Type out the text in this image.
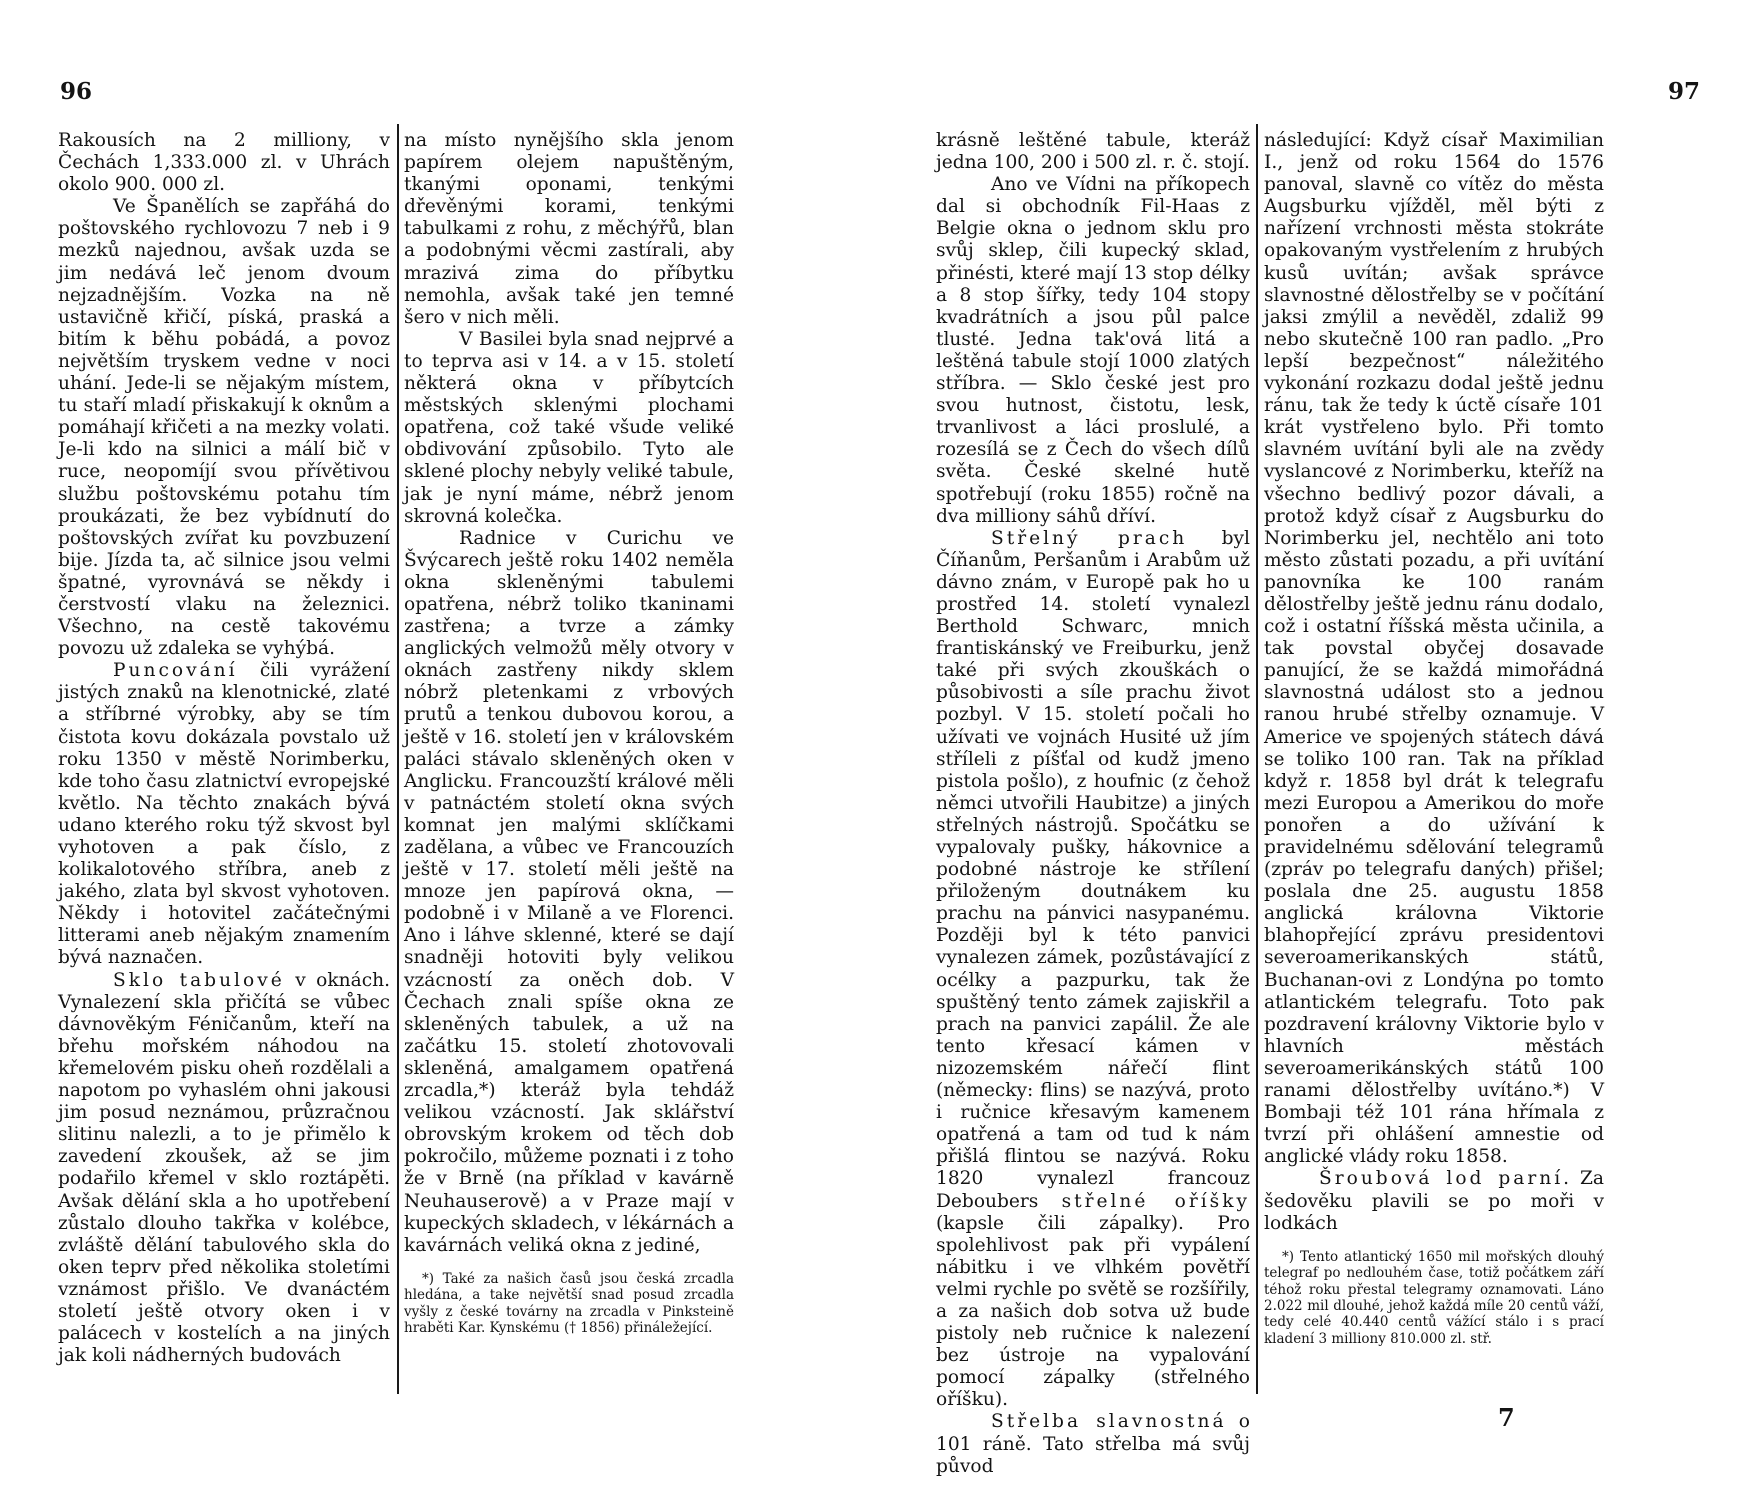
96

Rakousích na 2 milliony, v Čechách 1,333.000 zl. v Uhrách okolo 900. 000 zl.

Ve Španělích se zapřáhá do poštovského rychlovozu 7 neb i 9 mezků najednou, avšak uzda se jim nedává leč jenom dvoum nejzadnějším. Vozka na ně ustavičně křičí, píská, praská a bitím k běhu pobádá, a povoz největším tryskem vedne v noci uhání. Jede-li se nějakým místem, tu staří mladí přiskakují k oknům a pomáhají křičeti a na mezky volati. Je-li kdo na silnici a málí bič v ruce, neopomíjí svou přívětivou službu poštovskému potahu tím proukázati, že bez vybídnutí do poštovských zvířat ku povzbuzení bije. Jízda ta, ač silnice jsou velmi špatné, vyrovnává se někdy i čerstvostí vlaku na železnici. Všechno, na cestě takovému povozu už zdaleka se vyhýbá.

Puncování čili vyrážení jistých znaků na klenotnické, zlaté a stříbrné výrobky, aby se tím čistota kovu dokázala povstalo už roku 1350 v městě Norimberku, kde toho času zlatnictví evropejské květlo. Na těchto znakách bývá udano kterého roku týž skvost byl vyhotoven a pak číslo, z kolikalotového stříbra, aneb z jakého, zlata byl skvost vyhotoven. Někdy i hotovitel začátečnými litterami aneb nějakým znamením bývá naznačen.

Sklo tabulové v oknách. Vynalezení skla přičítá se vůbec dávnověkým Féničanům, kteří na břehu mořském náhodou na křemelovém pisku oheň rozdělali a napotom po vyhaslém ohni jakousi jim posud neznámou, průzračnou slitinu nalezli, a to je přimělo k zavedení zkoušek, až se jim podařilo křemel v sklo roztápěti. Avšak dělání skla a ho upotřebení zůstalo dlouho takřka v kolébce, zvláště dělání tabulového skla do oken teprv před několika stoletími vznámost přišlo. Ve dvanáctém století ještě otvory oken i v palácech v kostelích a na jiných jak koli nádherných budovách

na místo nynějšího skla jenom papírem olejem napuštěným, tkanými oponami, tenkými dřevěnými korami, tenkými tabulkami z rohu, z měchýřů, blan a podobnými věcmi zastírali, aby mrazivá zima do příbytku nemohla, avšak také jen temné šero v nich měli.

V Basilei byla snad nejprvé a to teprva asi v 14. a v 15. století některá okna v příbytcích městských sklenými plochami opatřena, což také všude veliké obdivování způsobilo. Tyto ale sklené plochy nebyly veliké tabule, jak je nyní máme, nébrž jenom skrovná kolečka.

Radnice v Curichu ve Švýcarech ještě roku 1402 neměla okna skleněnými tabulemi opatřena, nébrž toliko tkaninami zastřena; a tvrze a zámky anglických velmožů měly otvory v oknách zastřeny nikdy sklem nóbrž pletenkami z vrbových prutů a tenkou dubovou korou, a ještě v 16. století jen v královském paláci stávalo skleněných oken v Anglicku. Francouzští králové měli v patnáctém století okna svých komnat jen malými sklíčkami zadělana, a vůbec ve Francouzích ještě v 17. století měli ještě na mnoze jen papírová okna, — podobně i v Milaně a ve Florenci. Ano i láhve sklenné, které se dají snadněji hotoviti byly velikou vzácností za oněch dob. V Čechach znali spíše okna ze skleněných tabulek, a už na začátku 15. století zhotovovali skleněná, amalgamem opatřená zrcadla,*) kteráž byla tehdáž velikou vzácností. Jak sklářství obrovským krokem od těch dob pokročilo, můžeme poznati i z toho že v Brně (na příklad v kavárně Neuhauserově) a v Praze mají v kupeckých skladech, v lékárnách a kavárnách veliká okna z jediné,

*) Také za našich časů jsou česká zrcadla hledána, a take největší snad posud zrcadla vyšly z české továrny na zrcadla v Pinksteině hraběti Kar. Kynskému († 1856) přináležející.

97

krásně leštěné tabule, kteráž jedna 100, 200 i 500 zl. r. č. stojí.

Ano ve Vídni na příkopech dal si obchodník Fil-Haas z Belgie okna o jednom sklu pro svůj sklep, čili kupecký sklad, přinésti, které mají 13 stop délky a 8 stop šířky, tedy 104 stopy kvadrátních a jsou půl palce tlusté. Jedna tak'ová litá a leštěná tabule stojí 1000 zlatých stříbra. — Sklo české jest pro svou hutnost, čistotu, lesk, trvanlivost a láci proslulé, a rozesílá se z Čech do všech dílů světa. České skelné hutě spotřebují (roku 1855) ročně na dva milliony sáhů dříví.

Střelný prach byl Číňanům, Peršanům i Arabům už dávno znám, v Europě pak ho u prostřed 14. století vynalezl Berthold Schwarc, mnich frantiskánský ve Freiburku, jenž také při svých zkouškách o působivosti a síle prachu život pozbyl. V 15. století počali ho užívati ve vojnách Husité už jím stříleli z píšťal od kudž jmeno pistola pošlo), z houfnic (z čehož němci utvořili Haubitze) a jiných střelných nástrojů. Spočátku se vypalovaly pušky, hákovnice a podobné nástroje ke střílení přiloženým doutnákem ku prachu na pánvici nasypanému. Později byl k této panvici vynalezen zámek, pozůstávající z océlky a pazpurku, tak že spuštěný tento zámek zajiskřil a prach na panvici zapálil. Že ale tento křesací kámen v nizozemském nářečí flint (německy: flins) se nazývá, proto i ručnice křesavým kamenem opatřená a tam od tud k nám přišlá flintou se nazývá. Roku 1820 vynalezl francouz Deboubers střelné oříšky (kapsle čili zápalky). Pro spolehlivost pak při vypálení nábitku i ve vlhkém povětří velmi rychle po světě se rozšířily, a za našich dob sotva už bude pistoly neb ručnice k nalezení bez ústroje na vypalování pomocí zápalky (střelného oříšku).

Střelba slavnostná o 101 ráně. Tato střelba má svůj původ

následující: Když císař Maximilian I., jenž od roku 1564 do 1576 panoval, slavně co vítěz do města Augsburku vjížděl, měl býti z nařízení vrchnosti města stokráte opakovaným vystřelením z hrubých kusů uvítán; avšak správce slavnostné dělostřelby se v počítání jaksi zmýlil a nevěděl, zdaliž 99 nebo skutečně 100 ran padlo. „Pro lepší bezpečnost“ náležitého vykonání rozkazu dodal ještě jednu ránu, tak že tedy k úctě císaře 101 krát vystřeleno bylo. Při tomto slavném uvítání byli ale na zvědy vyslancové z Norimberku, kteříž na všechno bedlivý pozor dávali, a protož když císař z Augsburku do Norimberku jel, nechtělo ani toto město zůstati pozadu, a při uvítání panovníka ke 100 ranám dělostřelby ještě jednu ránu dodalo, což i ostatní říšská města učinila, a tak povstal obyčej dosavade panující, že se každá mimořádná slavnostná událost sto a jednou ranou hrubé střelby oznamuje. V Americe ve spojených státech dává se toliko 100 ran. Tak na příklad když r. 1858 byl drát k telegrafu mezi Europou a Amerikou do moře ponořen a do užívání k pravidelnému sdělování telegramů (zpráv po telegrafu daných) přišel; poslala dne 25. augustu 1858 anglická královna Viktorie blahopřející zprávu presidentovi severoamerikanských států, Buchanan-ovi z Londýna po tomto atlantickém telegrafu. Toto pak pozdravení královny Viktorie bylo v hlavních městách severoamerikánských států 100 ranami dělostřelby uvítáno.*) V Bombaji též 101 rána hřímala z tvrzí při ohlášení amnestie od anglické vlády roku 1858.

Šroubová lod parní. Za šedověku plavili se po moři v lodkách

*) Tento atlantický 1650 mil mořských dlouhý telegraf po nedlouhém čase, totiž počátkem září téhož roku přestal telegramy oznamovati. Láno 2.022 mil dlouhé, jehož každá míle 20 centů váží, tedy celé 40.440 centů vážící stálo i s prací kladení 3 milliony 810.000 zl. stř.

7
